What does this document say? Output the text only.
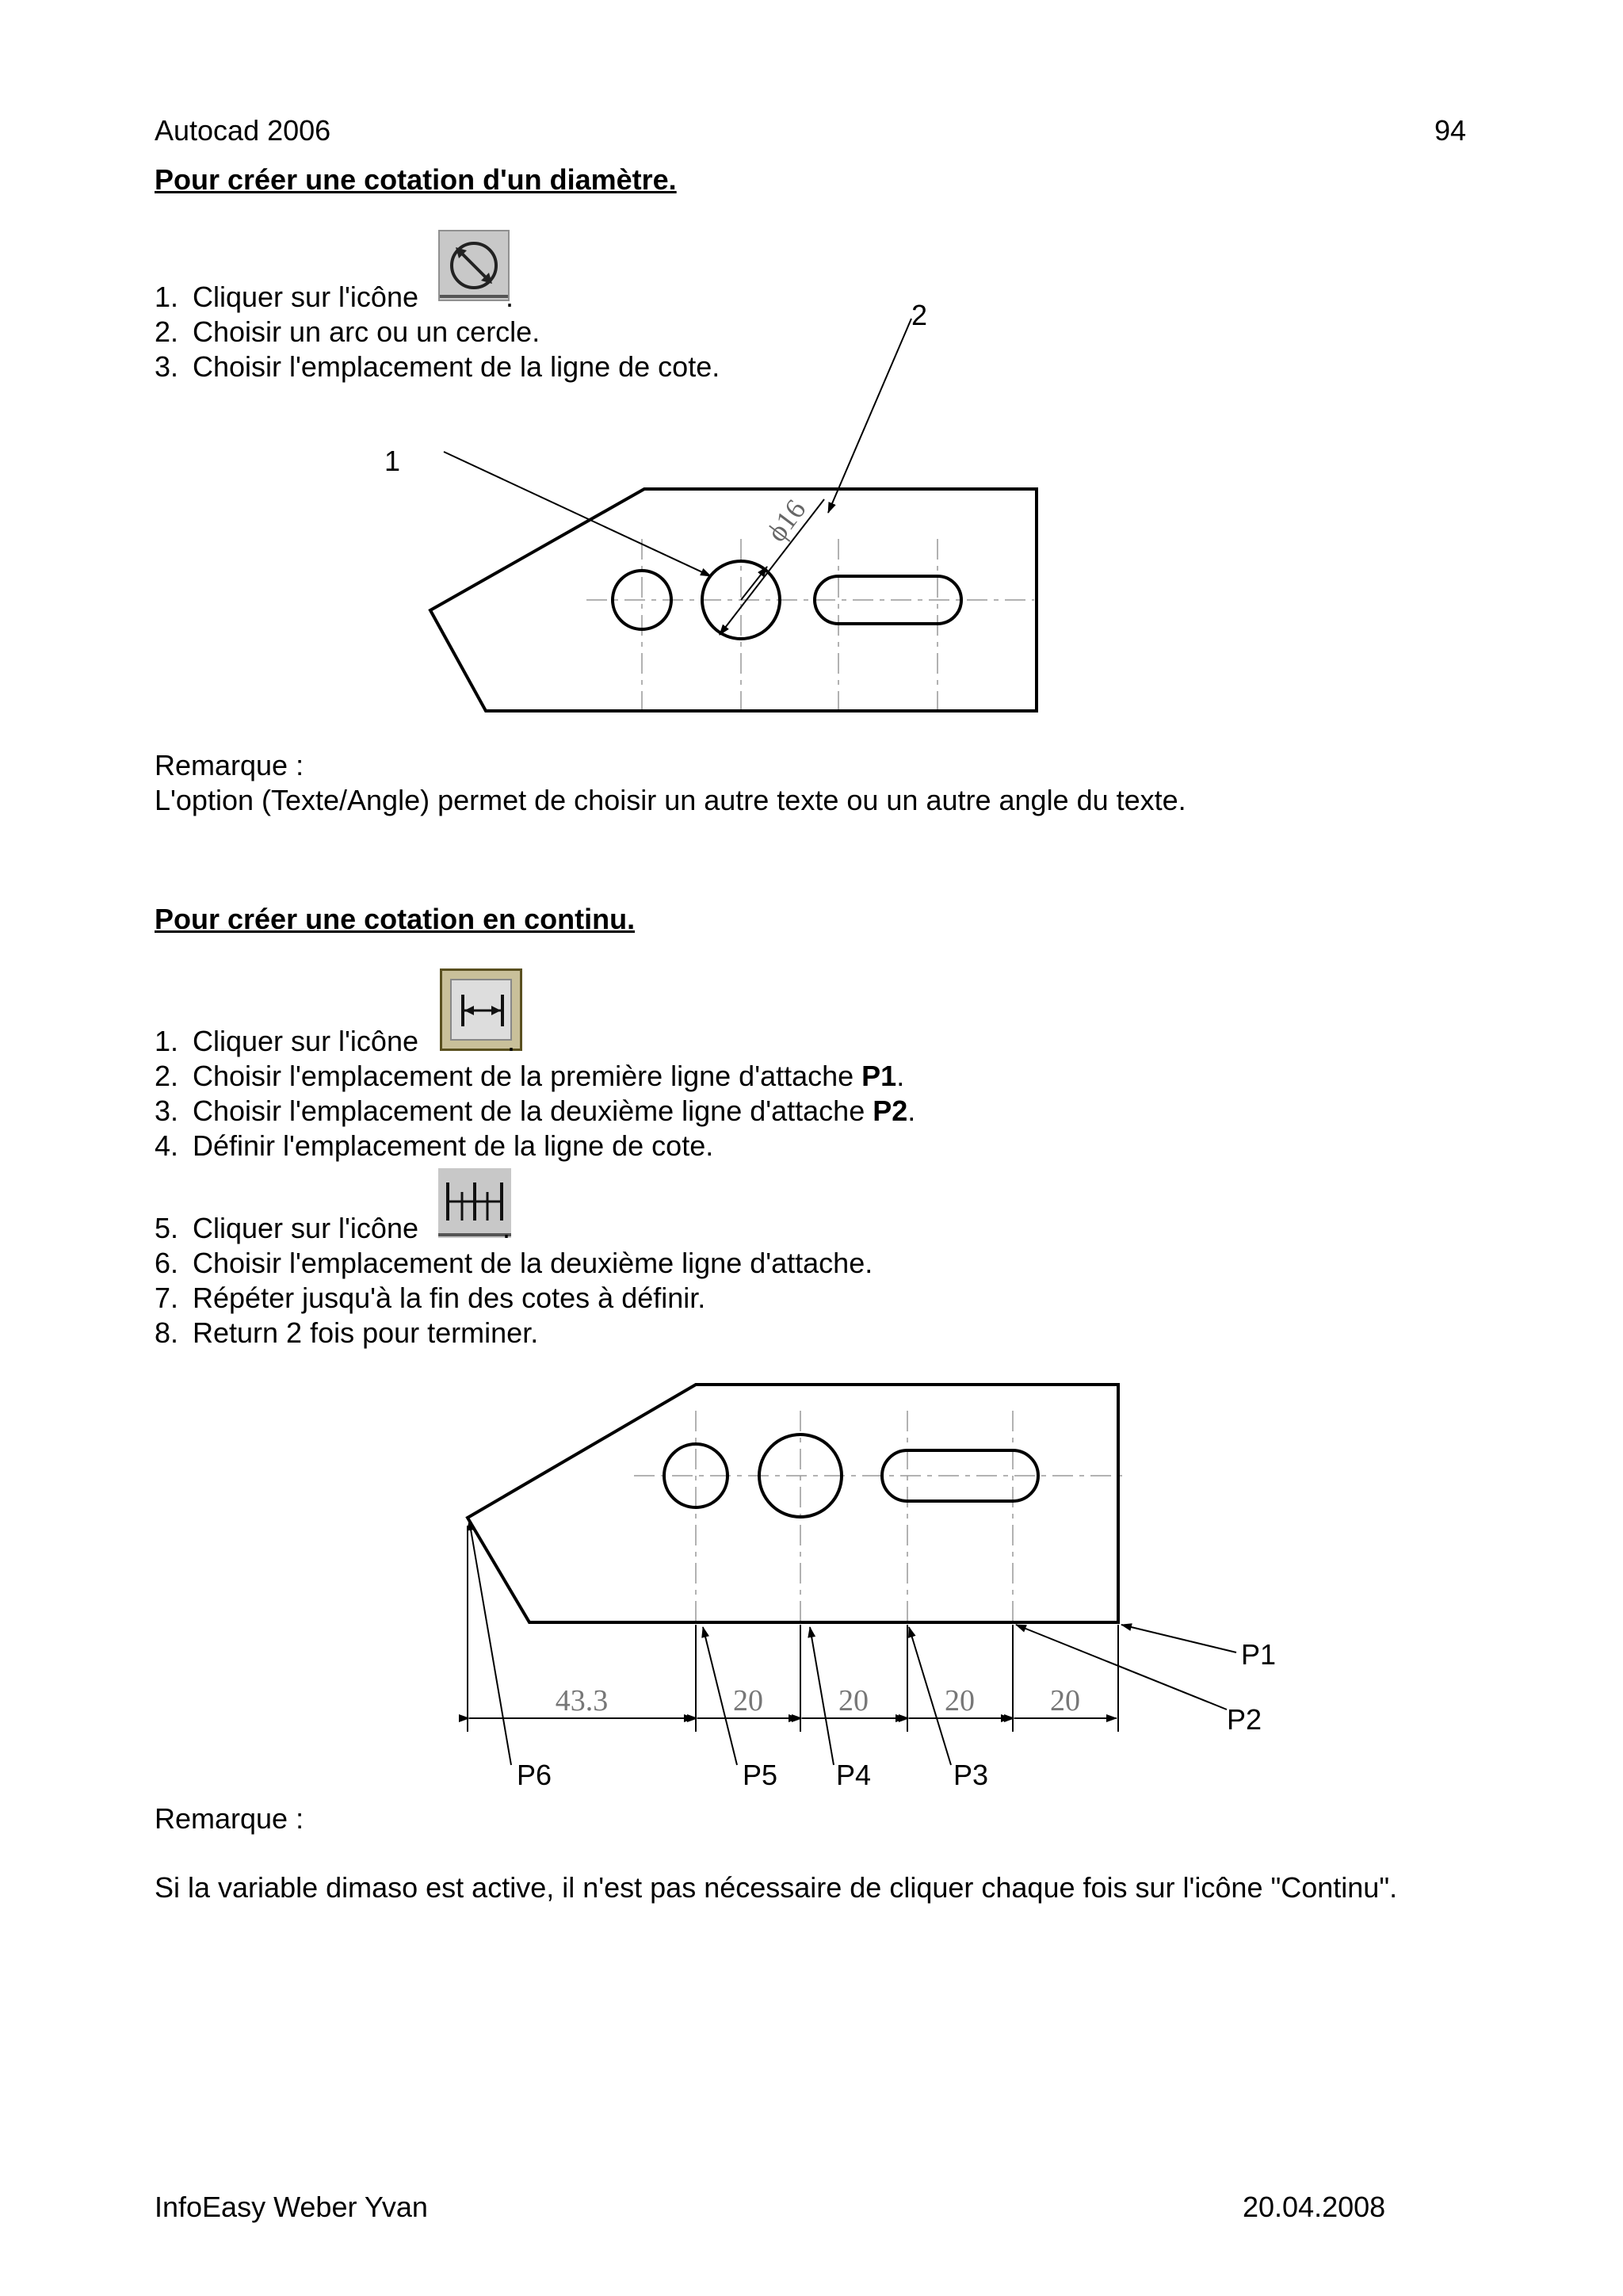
Autocad 2006	94
Pour créer une cotation d'un diamètre.
1. Cliquer sur l'icône	.
2. Choisir un arc ou un cercle.
3. Choisir l'emplacement de la ligne de cote.
1
2
ϕ16
Remarque :
L'option (Texte/Angle) permet de choisir un autre texte ou un autre angle du texte.
Pour créer une cotation en continu.
1. Cliquer sur l'icône	.
2. Choisir l'emplacement de la première ligne d'attache P1.
3. Choisir l'emplacement de la deuxième ligne d'attache P2.
4. Définir l'emplacement de la ligne de cote.
5. Cliquer sur l'icône	.
6. Choisir l'emplacement de la deuxième ligne d'attache.
7. Répéter jusqu'à la fin des cotes à définir.
8. Return 2 fois pour terminer.
43.3	20	20	20	20
P1
P2
P3
P4
P5
P6
Remarque :
Si la variable dimaso est active, il n'est pas nécessaire de cliquer chaque fois sur l'icône "Continu".
InfoEasy Weber Yvan	20.04.2008
